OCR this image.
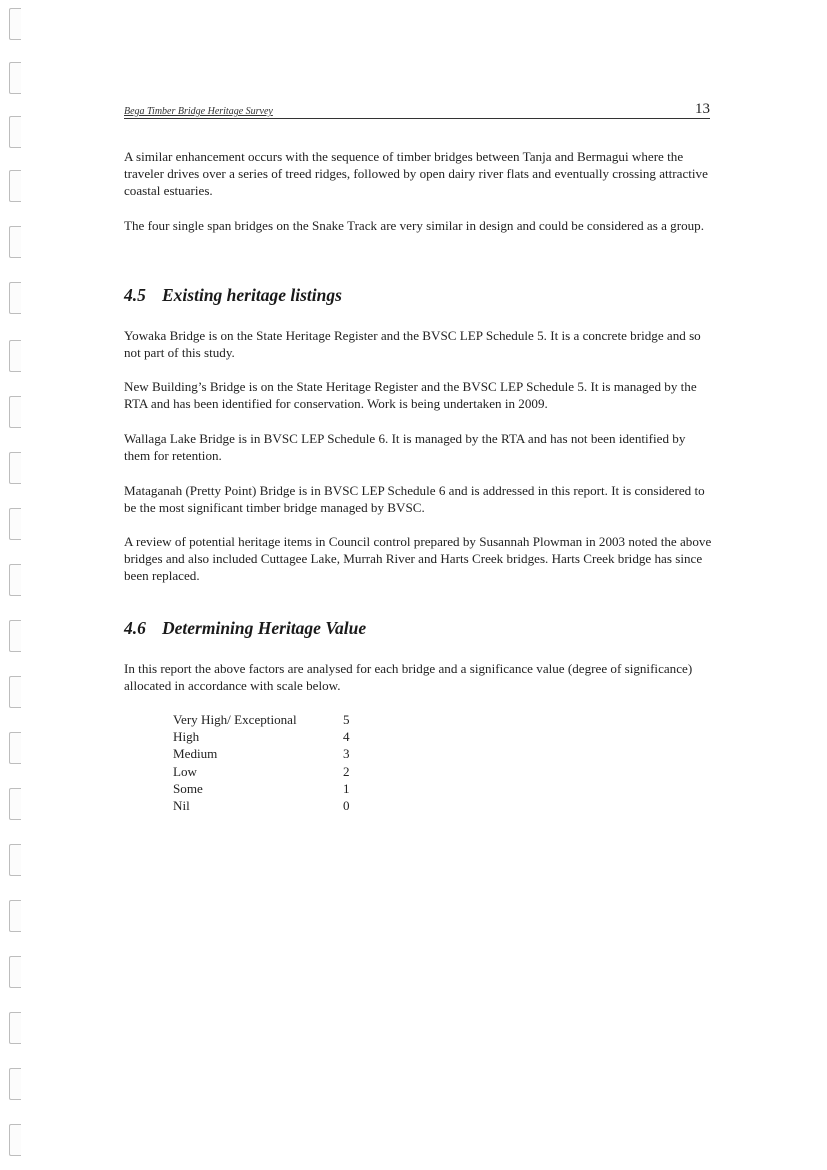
Bega Timber Bridge Heritage Survey	13

A similar enhancement occurs with the sequence of timber bridges between Tanja and Bermagui where the traveler drives over a series of treed ridges, followed by open dairy river flats and eventually crossing attractive coastal estuaries.

The four single span bridges on the Snake Track are very similar in design and could be considered as a group.

4.5 Existing heritage listings

Yowaka Bridge is on the State Heritage Register and the BVSC LEP Schedule 5. It is a concrete bridge and so not part of this study.

New Building’s Bridge is on the State Heritage Register and the BVSC LEP Schedule 5. It is managed by the RTA and has been identified for conservation. Work is being undertaken in 2009.

Wallaga Lake Bridge is in BVSC LEP Schedule 6. It is managed by the RTA and has not been identified by them for retention.

Mataganah (Pretty Point) Bridge is in BVSC LEP Schedule 6 and is addressed in this report. It is considered to be the most significant timber bridge managed by BVSC.

A review of potential heritage items in Council control prepared by Susannah Plowman in 2003 noted the above bridges and also included Cuttagee Lake, Murrah River and Harts Creek bridges. Harts Creek bridge has since been replaced.

4.6 Determining Heritage Value

In this report the above factors are analysed for each bridge and a significance value (degree of significance) allocated in accordance with scale below.

Very High/ Exceptional	5
High	4
Medium	3
Low	2
Some	1
Nil	0
